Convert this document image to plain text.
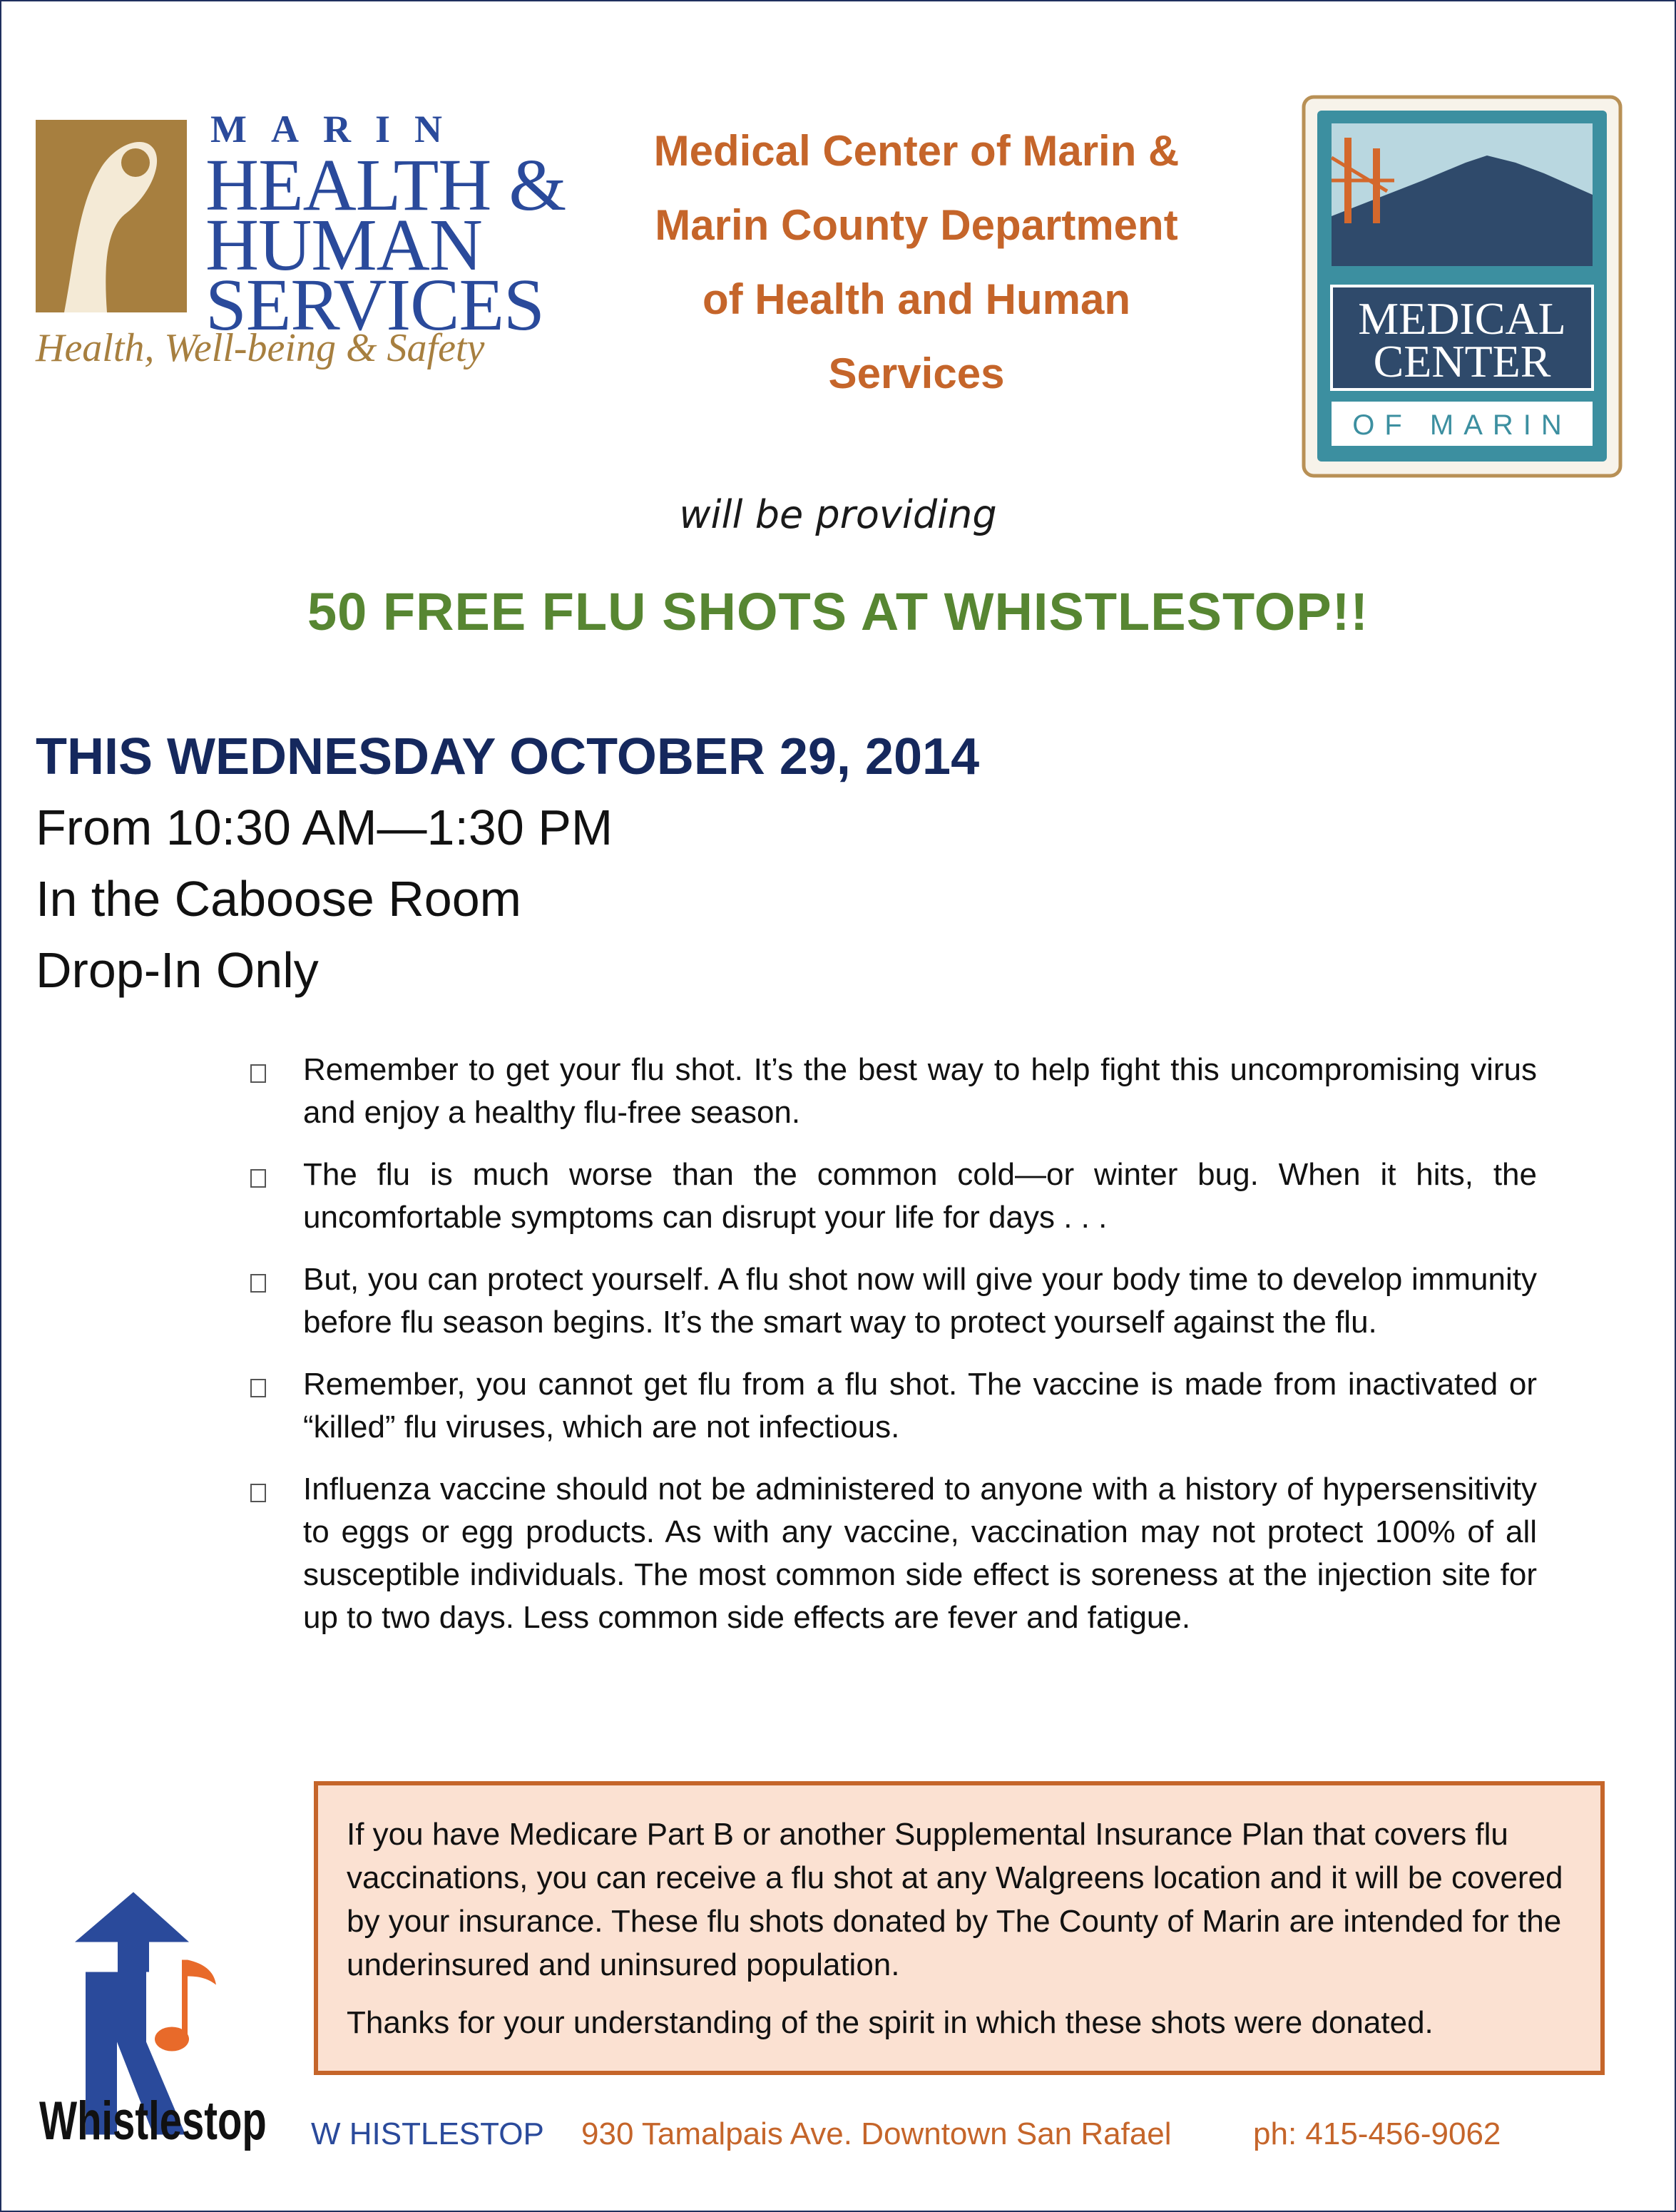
MARIN
HEALTH &
HUMAN
SERVICES
Health, Well-being & Safety
Medical Center of Marin &
Marin County Department
of Health and Human
Services
MEDICAL
CENTER
OF MARIN
will be providing
50 FREE FLU SHOTS AT WHISTLESTOP!!
THIS WEDNESDAY OCTOBER 29, 2014
From 10:30 AM—1:30 PM
In the Caboose Room
Drop-In Only
Remember to get your flu shot. It’s the best way to help fight this uncompromising virus and enjoy a healthy flu-free season.
The flu is much worse than the common cold—or winter bug. When it hits, the uncomfortable symptoms can disrupt your life for days . . .
But, you can protect yourself. A flu shot now will give your body time to develop immunity before flu season begins. It’s the smart way to protect yourself against the flu.
Remember, you cannot get flu from a flu shot. The vaccine is made from inactivated or “killed” flu viruses, which are not infectious.
Influenza vaccine should not be administered to anyone with a history of hypersensitivity to eggs or egg products. As with any vaccine, vaccination may not protect 100% of all susceptible individuals. The most common side effect is soreness at the injection site for up to two days. Less common side effects are fever and fatigue.

If you have Medicare Part B or another Supplemental Insurance Plan that covers flu vaccinations, you can receive a flu shot at any Walgreens location and it will be covered by your insurance. These flu shots donated by The County of Marin are intended for the underinsured and uninsured population.

Thanks for your understanding of the spirit in which these shots were donated.

Whistlestop W HISTLESTOP 930 Tamalpais Ave. Downtown San Rafael	ph: 415-456-9062
